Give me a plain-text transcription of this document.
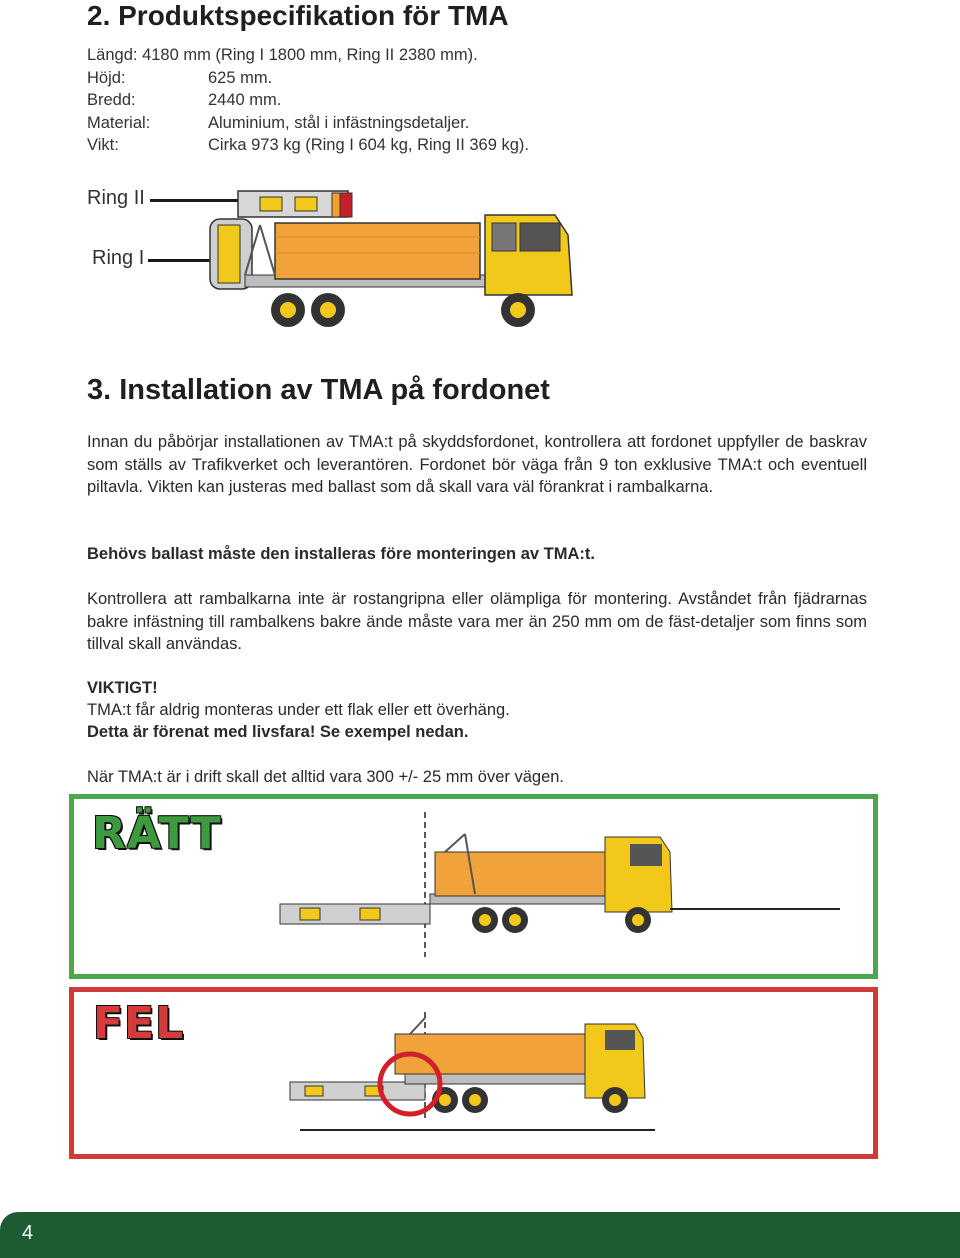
2. Produktspecifikation för TMA
Längd: 4180 mm (Ring I 1800 mm, Ring II 2380 mm).
Höjd:	625 mm.
Bredd:	2440 mm.
Material:	Aluminium, stål i infästningsdetaljer.
Vikt:	Cirka 973 kg (Ring I 604 kg, Ring II 369 kg).
Ring II
Ring I
3. Installation av TMA på fordonet

Innan du påbörjar installationen av TMA:t på skyddsfordonet, kontrollera att fordonet uppfyller de baskrav som ställs av Trafikverket och leverantören. Fordonet bör väga från 9 ton exklusive TMA:t och eventuell piltavla. Vikten kan justeras med ballast som då skall vara väl förankrat i rambalkarna.

Behövs ballast måste den installeras före monteringen av TMA:t.

Kontrollera att rambalkarna inte är rostangripna eller olämpliga för montering. Avståndet från fjädrarnas bakre infästning till rambalkens bakre ände måste vara mer än 250 mm om de fäst-detaljer som finns som tillval skall användas.

VIKTIGT!

TMA:t får aldrig monteras under ett flak eller ett överhäng.

Detta är förenat med livsfara! Se exempel nedan.

När TMA:t är i drift skall det alltid vara 300 +/- 25 mm över vägen.

RÄTT
FEL
4
